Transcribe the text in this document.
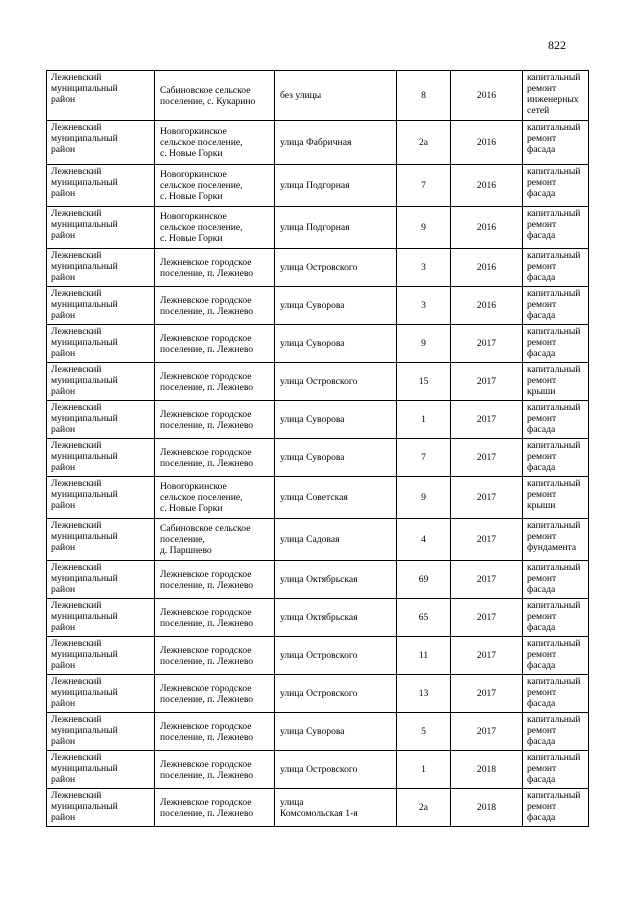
822
Лежневский
муниципальный
район	Сабиновское сельское
поселение, с. Кукарино	без улицы	8	2016	капитальный
ремонт
инженерных
сетей

Лежневский
муниципальный
район	Новогоркинское
сельское поселение,
с. Новые Горки	улица Фабричная	2а	2016	капитальный
ремонт фасада

Лежневский
муниципальный
район	Новогоркинское
сельское поселение,
с. Новые Горки	улица Подгорная	7	2016	капитальный
ремонт фасада

Лежневский
муниципальный
район	Новогоркинское
сельское поселение,
с. Новые Горки	улица Подгорная	9	2016	капитальный
ремонт фасада

Лежневский
муниципальный
район	Лежневское городское
поселение, п. Лежнево	улица Островского	3	2016	капитальный
ремонт фасада

Лежневский
муниципальный
район	Лежневское городское
поселение, п. Лежнево	улица Суворова	3	2016	капитальный
ремонт фасада

Лежневский
муниципальный
район	Лежневское городское
поселение, п. Лежнево	улица Суворова	9	2017	капитальный
ремонт фасада

Лежневский
муниципальный
район	Лежневское городское
поселение, п. Лежнево	улица Островского	15	2017	капитальный
ремонт крыши

Лежневский
муниципальный
район	Лежневское городское
поселение, п. Лежнево	улица Суворова	1	2017	капитальный
ремонт фасада

Лежневский
муниципальный
район	Лежневское городское
поселение, п. Лежнево	улица Суворова	7	2017	капитальный
ремонт фасада

Лежневский
муниципальный
район	Новогоркинское
сельское поселение,
с. Новые Горки	улица Советская	9	2017	капитальный
ремонт крыши

Лежневский
муниципальный
район	Сабиновское сельское
поселение,
д. Паршнево	улица Садовая	4	2017	капитальный
ремонт
фундамента

Лежневский
муниципальный
район	Лежневское городское
поселение, п. Лежнево	улица Октябрьская	69	2017	капитальный
ремонт фасада

Лежневский
муниципальный
район	Лежневское городское
поселение, п. Лежнево	улица Октябрьская	65	2017	капитальный
ремонт фасада

Лежневский
муниципальный
район	Лежневское городское
поселение, п. Лежнево	улица Островского	11	2017	капитальный
ремонт фасада

Лежневский
муниципальный
район	Лежневское городское
поселение, п. Лежнево	улица Островского	13	2017	капитальный
ремонт фасада

Лежневский
муниципальный
район	Лежневское городское
поселение, п. Лежнево	улица Суворова	5	2017	капитальный
ремонт фасада

Лежневский
муниципальный
район	Лежневское городское
поселение, п. Лежнево	улица Островского	1	2018	капитальный
ремонт фасада

Лежневский
муниципальный
район	Лежневское городское
поселение, п. Лежнево	улица
Комсомольская 1-я	2а	2018	капитальный
ремонт фасада
